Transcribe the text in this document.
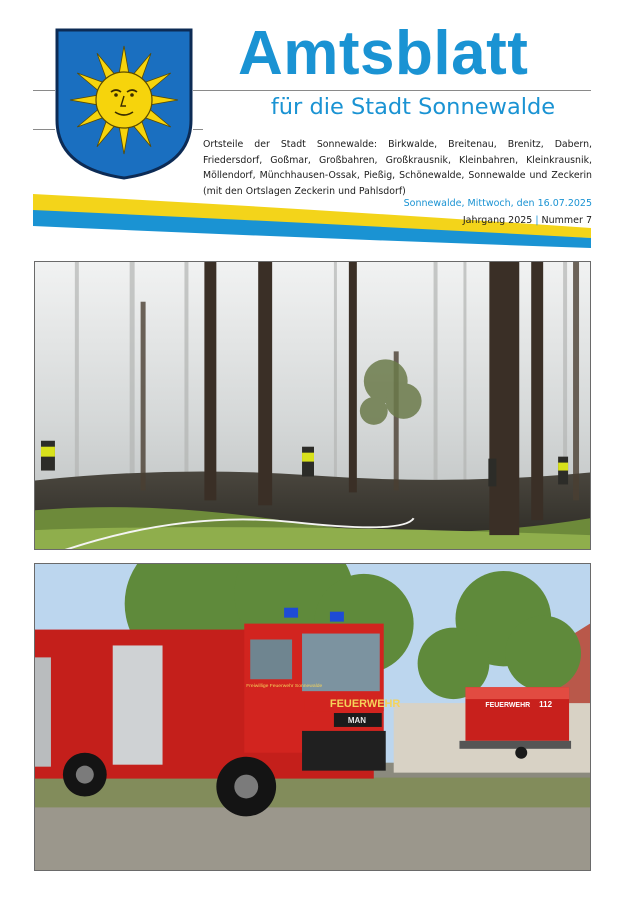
Amtsblatt
für die Stadt Sonnewalde
Ortsteile der Stadt Sonnewalde: Birkwalde, Breitenau, Brenitz, Dabern, Friedersdorf, Goßmar, Großbahren, Großkrausnik, Kleinbahren, Kleinkrausnik, Möllendorf, Münchhausen-Ossak, Pießig, Schönewalde, Sonnewalde und Zeckerin (mit den Ortslagen Zeckerin und Pahlsdorf)
Sonnewalde, Mittwoch, den 16.07.2025
Jahrgang 2025 | Nummer 7
FEUERWEHR
Freiwillige Feuerwehr Sonnewalde
MAN
FEUERWEHR 112
